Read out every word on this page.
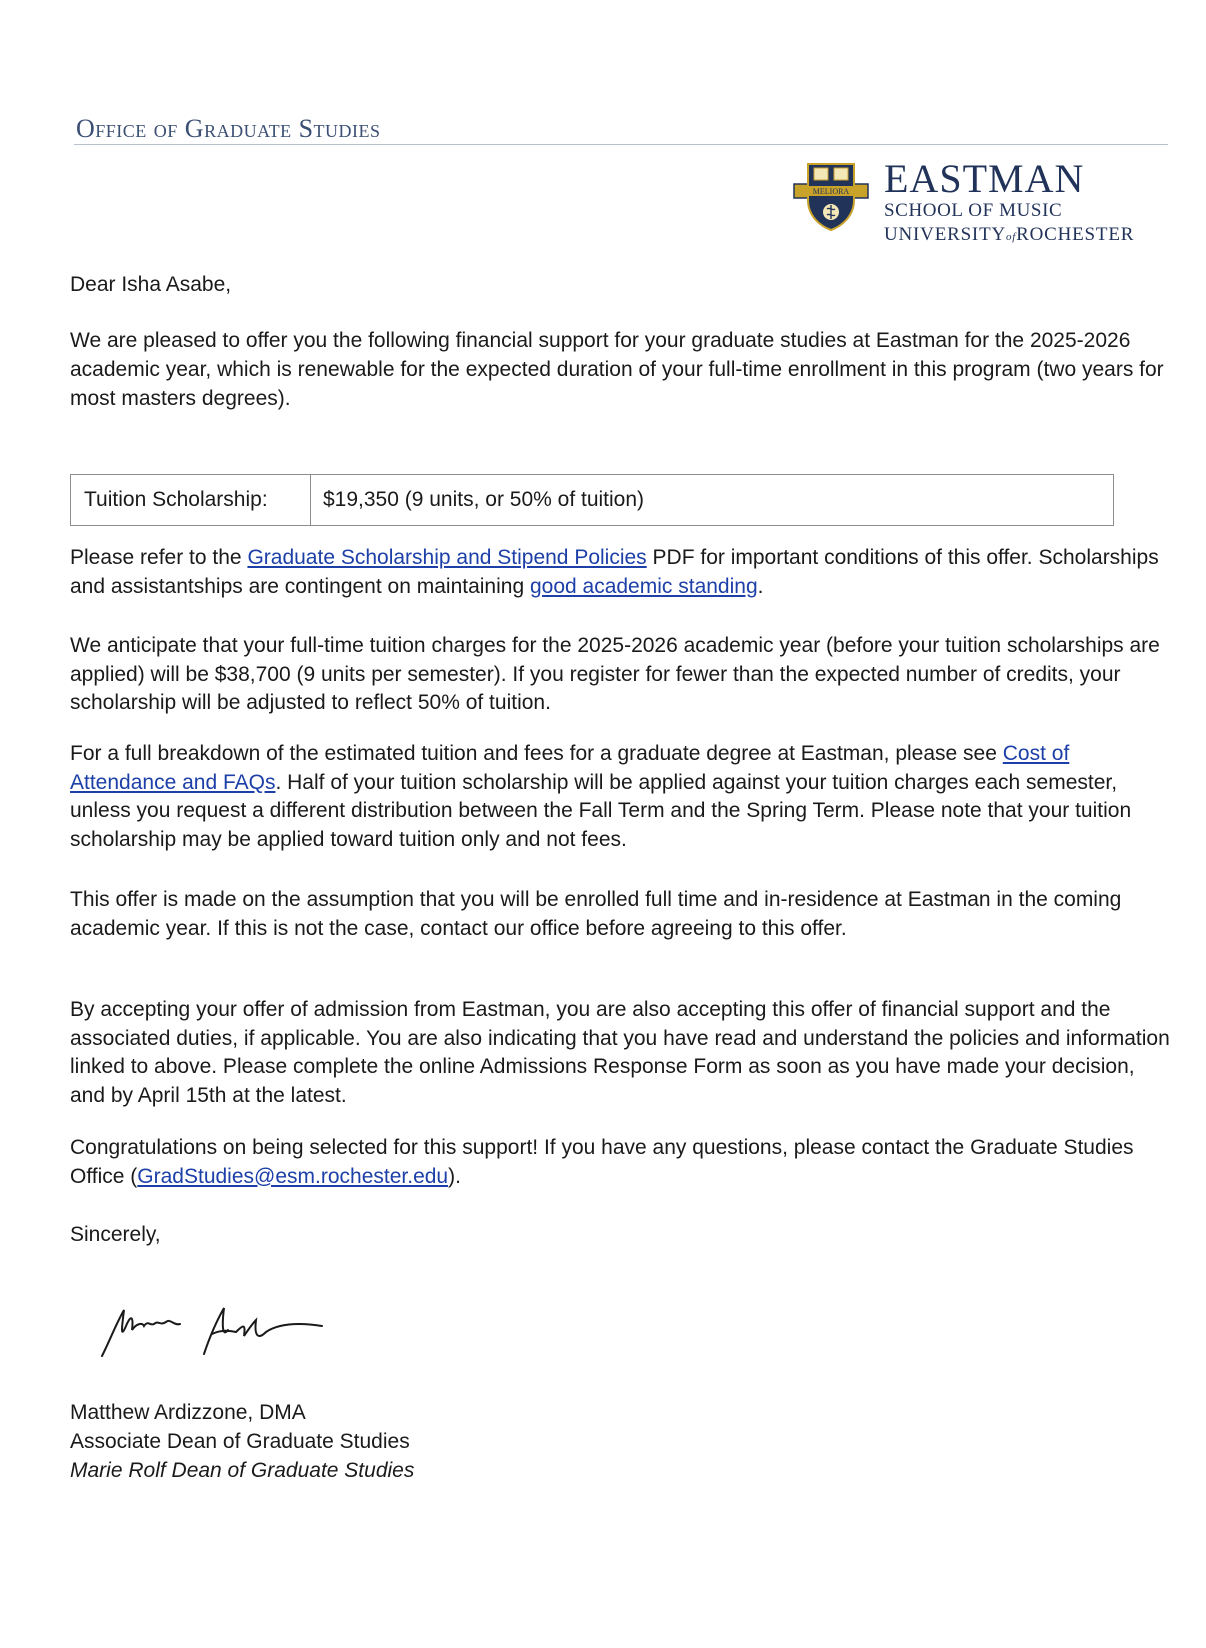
Office of Graduate Studies
MELIORA EASTMAN
SCHOOL OF MUSIC
UNIVERSITYofROCHESTER

Dear Isha Asabe,

We are pleased to offer you the following financial support for your graduate studies at Eastman for the 2025-2026 academic year, which is renewable for the expected duration of your full-time enrollment in this program (two years for most masters degrees).

Tuition Scholarship:	$19,350 (9 units, or 50% of tuition)

Please refer to the Graduate Scholarship and Stipend Policies PDF for important conditions of this offer. Scholarships and assistantships are contingent on maintaining good academic standing.

We anticipate that your full-time tuition charges for the 2025-2026 academic year (before your tuition scholarships are applied) will be $38,700 (9 units per semester). If you register for fewer than the expected number of credits, your scholarship will be adjusted to reflect 50% of tuition.

For a full breakdown of the estimated tuition and fees for a graduate degree at Eastman, please see Cost of Attendance and FAQs. Half of your tuition scholarship will be applied against your tuition charges each semester, unless you request a different distribution between the Fall Term and the Spring Term. Please note that your tuition scholarship may be applied toward tuition only and not fees.

This offer is made on the assumption that you will be enrolled full time and in-residence at Eastman in the coming academic year. If this is not the case, contact our office before agreeing to this offer.

By accepting your offer of admission from Eastman, you are also accepting this offer of financial support and the associated duties, if applicable. You are also indicating that you have read and understand the policies and information linked to above. Please complete the online Admissions Response Form as soon as you have made your decision, and by April 15th at the latest.

Congratulations on being selected for this support! If you have any questions, please contact the Graduate Studies Office (GradStudies@esm.rochester.edu).

Sincerely,

Matthew Ardizzone, DMA

Associate Dean of Graduate Studies

Marie Rolf Dean of Graduate Studies
